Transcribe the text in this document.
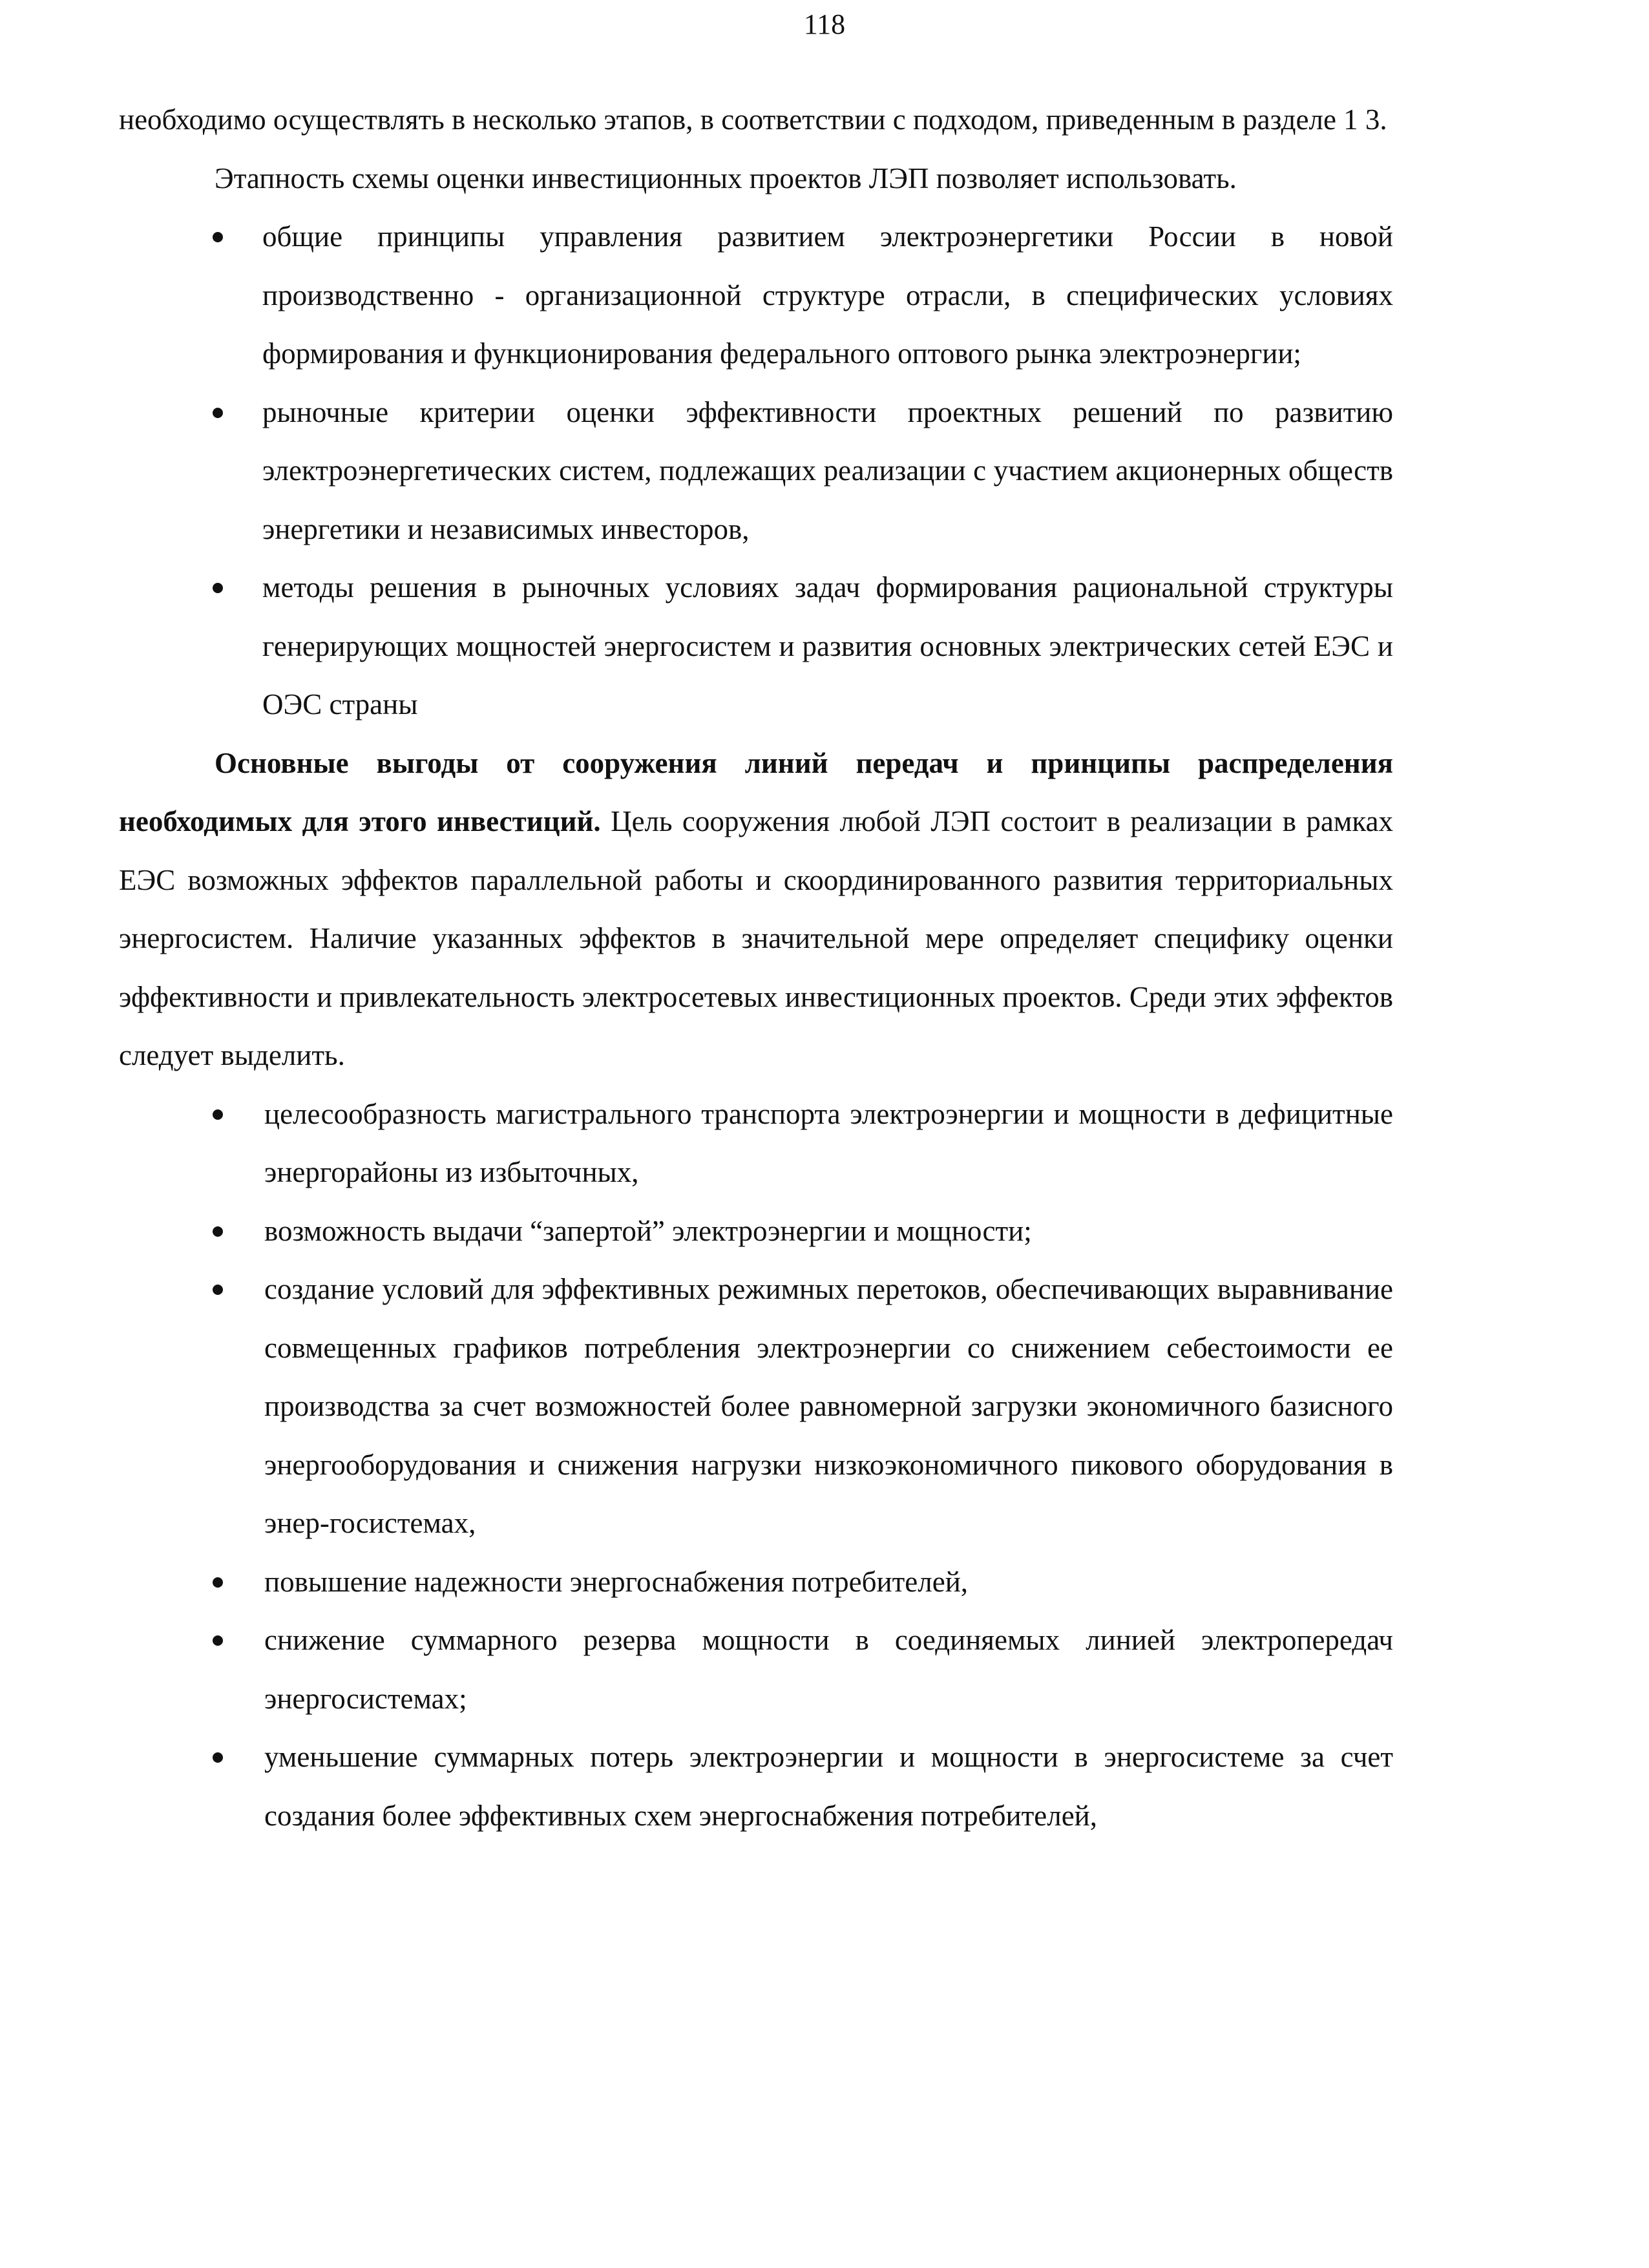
118

необходимо осуществлять в несколько этапов, в соответствии с подходом, приведенным в разделе 1 3.

Этапность схемы оценки инвестиционных проектов ЛЭП позволяет использовать.

общие принципы управления развитием электроэнергетики России в новой производственно - организационной структуре отрасли, в специфических условиях формирования и функционирования федерального оптового рынка электроэнергии;
рыночные критерии оценки эффективности проектных решений по развитию электроэнергетических систем, подлежащих реализации с участием акционерных обществ энергетики и независимых инвесторов,
методы решения в рыночных условиях задач формирования рациональной структуры генерирующих мощностей энергосистем и развития основных электрических сетей ЕЭС и ОЭС страны

Основные выгоды от сооружения линий передач и принципы распределения необходимых для этого инвестиций. Цель сооружения любой ЛЭП состоит в реализации в рамках ЕЭС возможных эффектов параллельной работы и скоординированного развития территориальных энергосистем. Наличие указанных эффектов в значительной мере определяет специфику оценки эффективности и привлекательность электросетевых инвестиционных проектов. Среди этих эффектов следует выделить.

целесообразность магистрального транспорта электроэнергии и мощности в дефицитные энергорайоны из избыточных,
возможность выдачи “запертой” электроэнергии и мощности;
создание условий для эффективных режимных перетоков, обеспечивающих выравнивание совмещенных графиков потребления электроэнергии со снижением себестоимости ее производства за счет возможностей более равномерной загрузки экономичного базисного энергооборудования и снижения нагрузки низкоэкономичного пикового оборудования в энер-госистемах,
повышение надежности энергоснабжения потребителей,
снижение суммарного резерва мощности в соединяемых линией электропередач энергосистемах;
уменьшение суммарных потерь электроэнергии и мощности в энергосистеме за счет создания более эффективных схем энергоснабжения потребителей,
